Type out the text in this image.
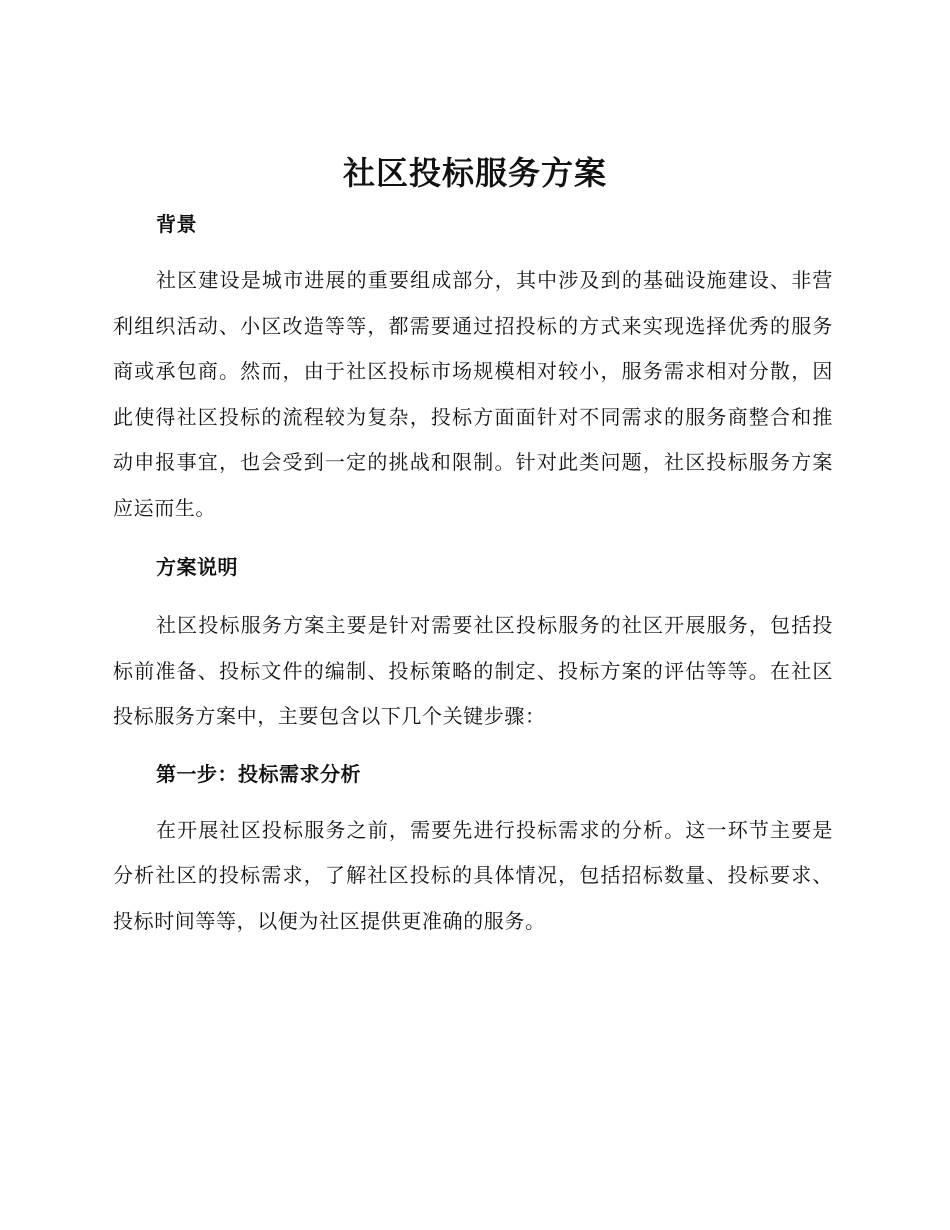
社区投标服务方案
背景

社区建设是城市进展的重要组成部分，其中涉及到的基础设施建设、非营利组织活动、小区改造等等，都需要通过招投标的方式来实现选择优秀的服务商或承包商。然而，由于社区投标市场规模相对较小，服务需求相对分散，因此使得社区投标的流程较为复杂，投标方面面针对不同需求的服务商整合和推动申报事宜，也会受到一定的挑战和限制。针对此类问题，社区投标服务方案应运而生。

方案说明

社区投标服务方案主要是针对需要社区投标服务的社区开展服务，包括投标前准备、投标文件的编制、投标策略的制定、投标方案的评估等等。在社区投标服务方案中，主要包含以下几个关键步骤：

第一步：投标需求分析

在开展社区投标服务之前，需要先进行投标需求的分析。这一环节主要是分析社区的投标需求，了解社区投标的具体情况，包括招标数量、投标要求、投标时间等等，以便为社区提供更准确的服务。
